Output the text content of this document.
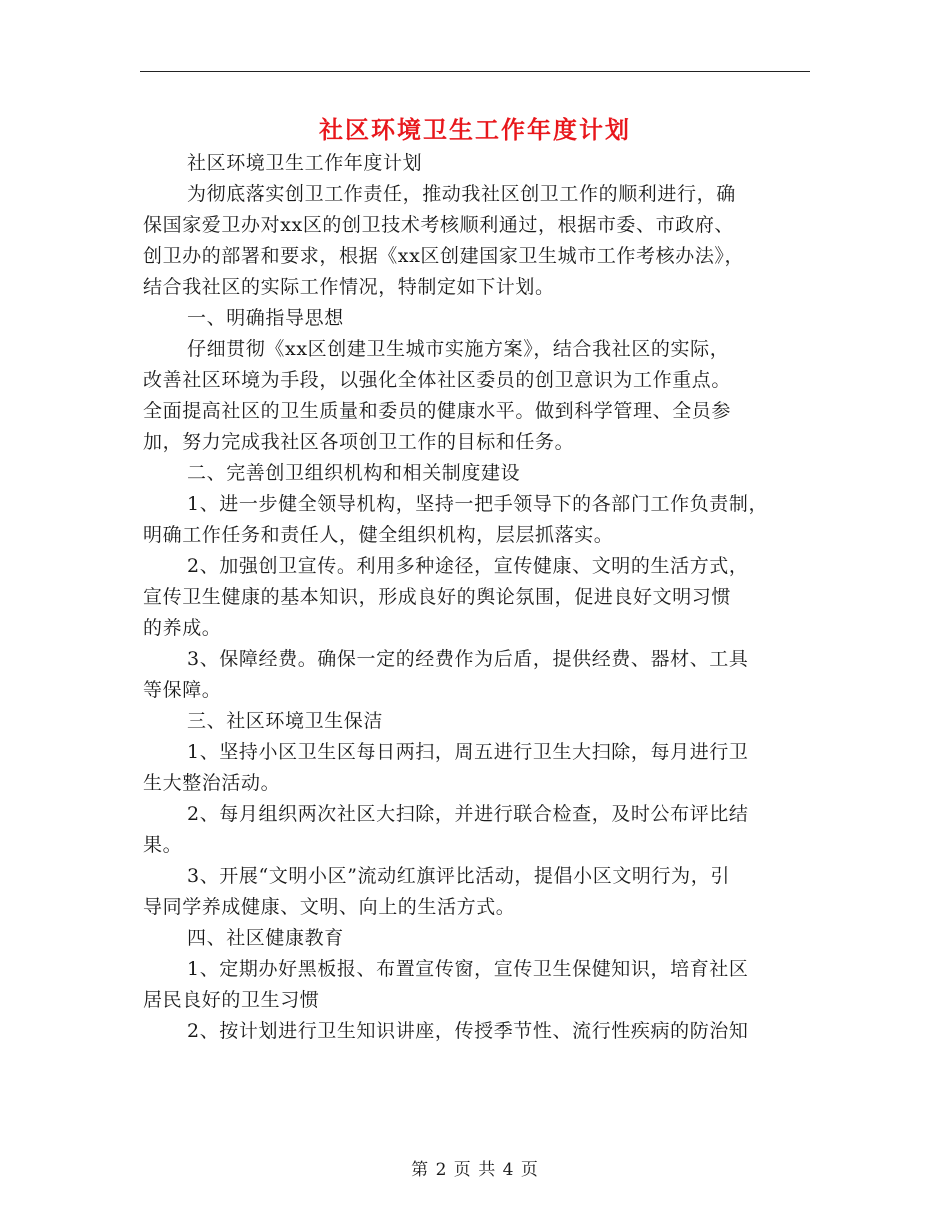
社区环境卫生工作年度计划

社区环境卫生工作年度计划

为彻底落实创卫工作责任，推动我社区创卫工作的顺利进行，确
保国家爱卫办对xx区的创卫技术考核顺利通过，根据市委、市政府、
创卫办的部署和要求，根据《xx区创建国家卫生城市工作考核办法》，
结合我社区的实际工作情况，特制定如下计划。

一、明确指导思想

仔细贯彻《xx区创建卫生城市实施方案》，结合我社区的实际，
改善社区环境为手段，以强化全体社区委员的创卫意识为工作重点。
全面提高社区的卫生质量和委员的健康水平。做到科学管理、全员参
加，努力完成我社区各项创卫工作的目标和任务。

二、完善创卫组织机构和相关制度建设

1、进一步健全领导机构，坚持一把手领导下的各部门工作负责制，
明确工作任务和责任人，健全组织机构，层层抓落实。

2、加强创卫宣传。利用多种途径，宣传健康、文明的生活方式，
宣传卫生健康的基本知识，形成良好的舆论氛围，促进良好文明习惯
的养成。

3、保障经费。确保一定的经费作为后盾，提供经费、器材、工具
等保障。

三、社区环境卫生保洁

1、坚持小区卫生区每日两扫，周五进行卫生大扫除，每月进行卫
生大整治活动。

2、每月组织两次社区大扫除，并进行联合检查，及时公布评比结
果。

3、开展“文明小区”流动红旗评比活动，提倡小区文明行为，引
导同学养成健康、文明、向上的生活方式。

四、社区健康教育

1、定期办好黑板报、布置宣传窗，宣传卫生保健知识，培育社区
居民良好的卫生习惯

2、按计划进行卫生知识讲座，传授季节性、流行性疾病的防治知

第 2 页 共 4 页
